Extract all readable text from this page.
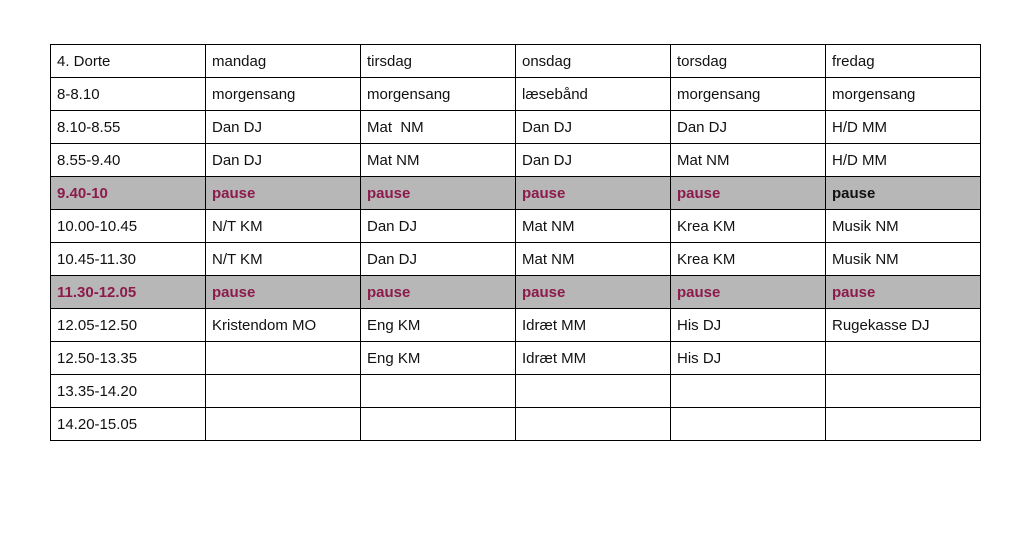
4. Dorte	mandag	tirsdag	onsdag	torsdag	fredag
8-8.10	morgensang	morgensang	læsebånd	morgensang	morgensang
8.10-8.55	Dan DJ	Mat  NM	Dan DJ	Dan DJ	H/D MM
8.55-9.40	Dan DJ	Mat NM	Dan DJ	Mat NM	H/D MM
9.40-10	pause	pause	pause	pause	pause
10.00-10.45	N/T KM	Dan DJ	Mat NM	Krea KM	Musik NM
10.45-11.30	N/T KM	Dan DJ	Mat NM	Krea KM	Musik NM
11.30-12.05	pause	pause	pause	pause	pause
12.05-12.50	Kristendom MO	Eng KM	Idræt MM	His DJ	Rugekasse DJ
12.50-13.35		Eng KM	Idræt MM	His DJ	
13.35-14.20					
14.20-15.05					
